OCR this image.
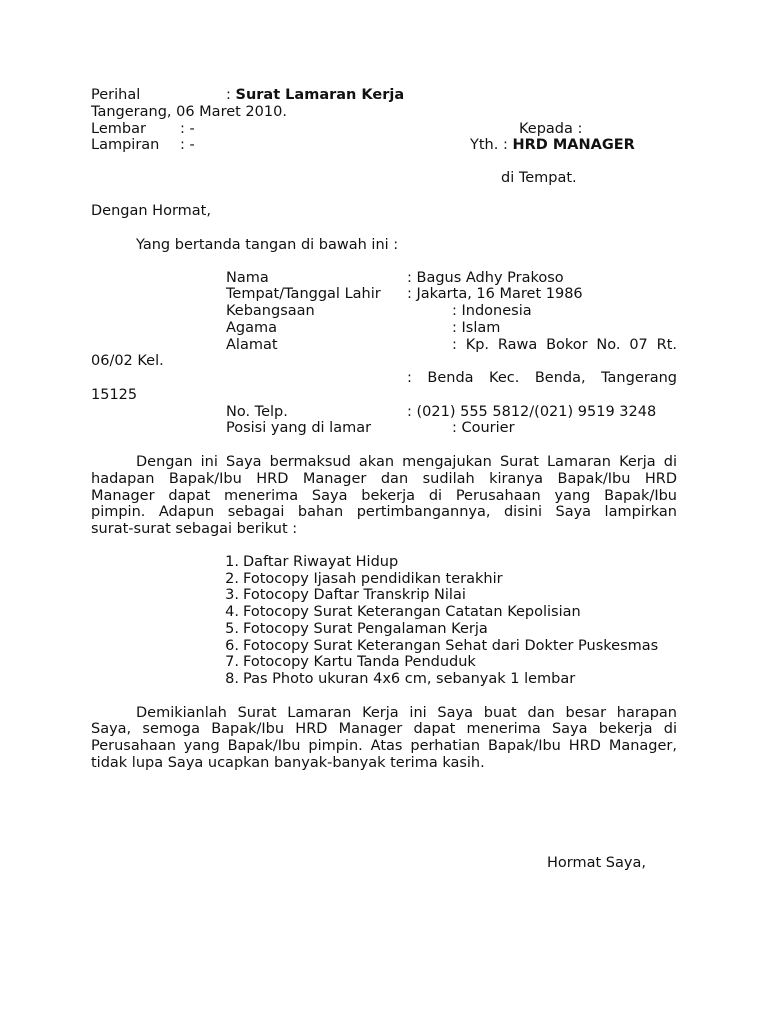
Perihal	: Surat Lamaran Kerja
Tangerang, 06 Maret 2010.
Lembar : -	Kepada :
Lampiran : -	Yth. : HRD MANAGER
di Tempat.
Dengan Hormat,
Yang bertanda tangan di bawah ini :
Nama	: Bagus Adhy Prakoso
Tempat/Tanggal Lahir : Jakarta, 16 Maret 1986
Kebangsaan	: Indonesia
Agama	: Islam
Alamat	: Kp. Rawa Bokor No. 07 Rt.
06/02 Kel.
: Benda Kec. Benda, Tangerang
15125
No. Telp.	: (021) 555 5812/(021) 9519 3248
Posisi yang di lamar	: Courier
Dengan ini Saya bermaksud akan mengajukan Surat Lamaran Kerja di
hadapan Bapak/Ibu HRD Manager dan sudilah kiranya Bapak/Ibu HRD
Manager dapat menerima Saya bekerja di Perusahaan yang Bapak/Ibu
pimpin. Adapun sebagai bahan pertimbangannya, disini Saya lampirkan
surat-surat sebagai berikut :
1. Daftar Riwayat Hidup
2. Fotocopy Ijasah pendidikan terakhir
3. Fotocopy Daftar Transkrip Nilai
4. Fotocopy Surat Keterangan Catatan Kepolisian
5. Fotocopy Surat Pengalaman Kerja
6. Fotocopy Surat Keterangan Sehat dari Dokter Puskesmas
7. Fotocopy Kartu Tanda Penduduk
8. Pas Photo ukuran 4x6 cm, sebanyak 1 lembar
Demikianlah Surat Lamaran Kerja ini Saya buat dan besar harapan
Saya, semoga Bapak/Ibu HRD Manager dapat menerima Saya bekerja di
Perusahaan yang Bapak/Ibu pimpin. Atas perhatian Bapak/Ibu HRD Manager,
tidak lupa Saya ucapkan banyak-banyak terima kasih.
Hormat Saya,
